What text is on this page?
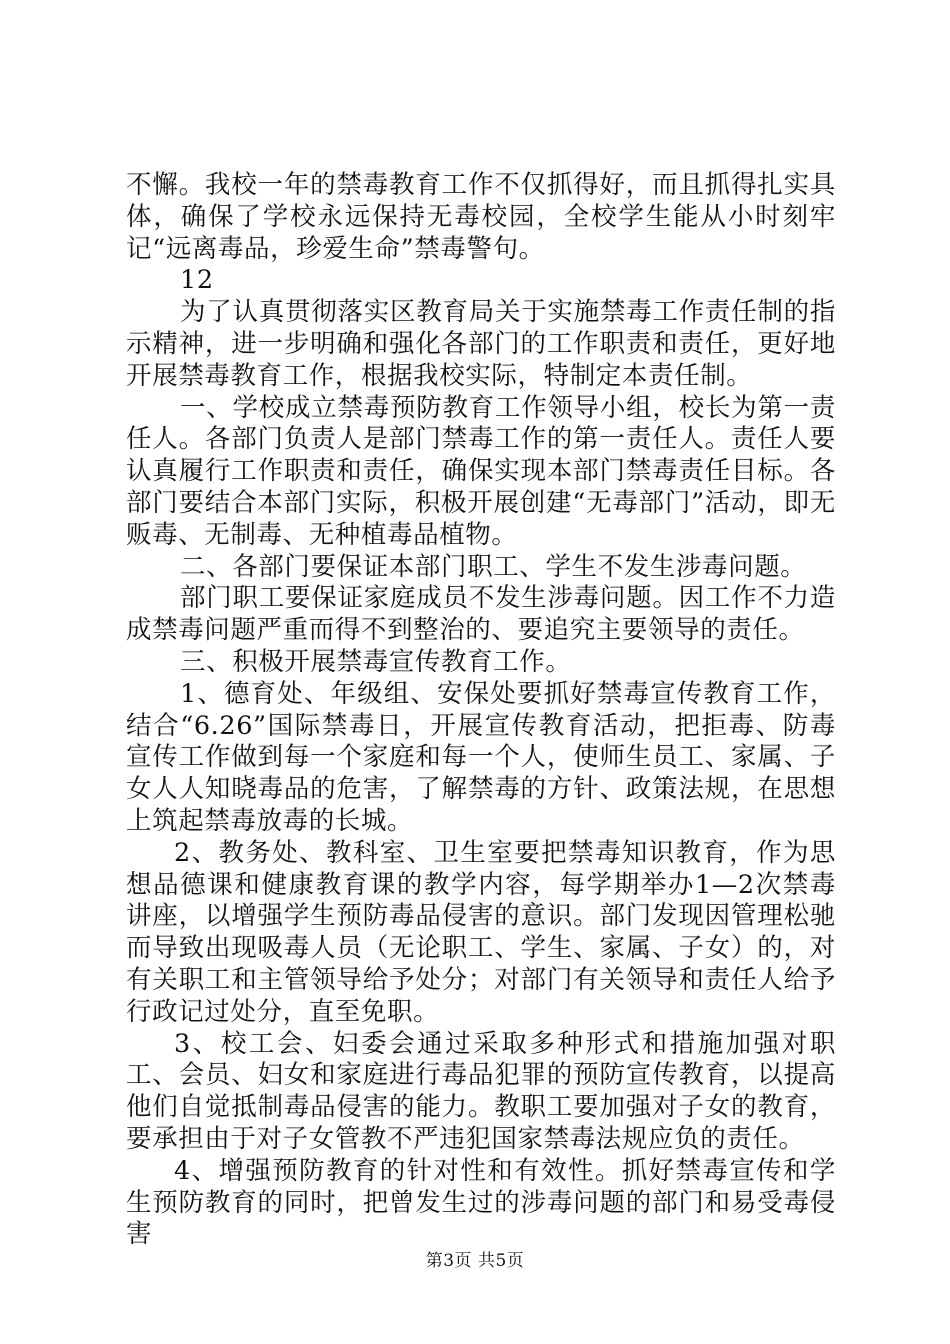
不懈。我校一年的禁毒教育工作不仅抓得好，而且抓得扎实具体，确保了学校永远保持无毒校园，全校学生能从小时刻牢记“远离毒品，珍爱生命”禁毒警句。

12

为了认真贯彻落实区教育局关于实施禁毒工作责任制的指示精神，进一步明确和强化各部门的工作职责和责任，更好地开展禁毒教育工作，根据我校实际，特制定本责任制。

一、学校成立禁毒预防教育工作领导小组，校长为第一责任人。各部门负责人是部门禁毒工作的第一责任人。责任人要认真履行工作职责和责任，确保实现本部门禁毒责任目标。各部门要结合本部门实际，积极开展创建“无毒部门”活动，即无贩毒、无制毒、无种植毒品植物。

二、各部门要保证本部门职工、学生不发生涉毒问题。

部门职工要保证家庭成员不发生涉毒问题。因工作不力造成禁毒问题严重而得不到整治的、要追究主要领导的责任。

三、积极开展禁毒宣传教育工作。

1、德育处、年级组、安保处要抓好禁毒宣传教育工作，结合“6.26”国际禁毒日，开展宣传教育活动，把拒毒、防毒宣传工作做到每一个家庭和每一个人，使师生员工、家属、子女人人知晓毒品的危害，了解禁毒的方针、政策法规，在思想上筑起禁毒放毒的长城。

2、教务处、教科室、卫生室要把禁毒知识教育，作为思想品德课和健康教育课的教学内容，每学期举办1—2次禁毒讲座，以增强学生预防毒品侵害的意识。部门发现因管理松驰而导致出现吸毒人员（无论职工、学生、家属、子女）的，对有关职工和主管领导给予处分；对部门有关领导和责任人给予行政记过处分，直至免职。

3、校工会、妇委会通过采取多种形式和措施加强对职工、会员、妇女和家庭进行毒品犯罪的预防宣传教育，以提高他们自觉抵制毒品侵害的能力。教职工要加强对子女的教育，要承担由于对子女管教不严违犯国家禁毒法规应负的责任。

4、增强预防教育的针对性和有效性。抓好禁毒宣传和学生预防教育的同时，把曾发生过的涉毒问题的部门和易受毒侵害

第3页 共5页
